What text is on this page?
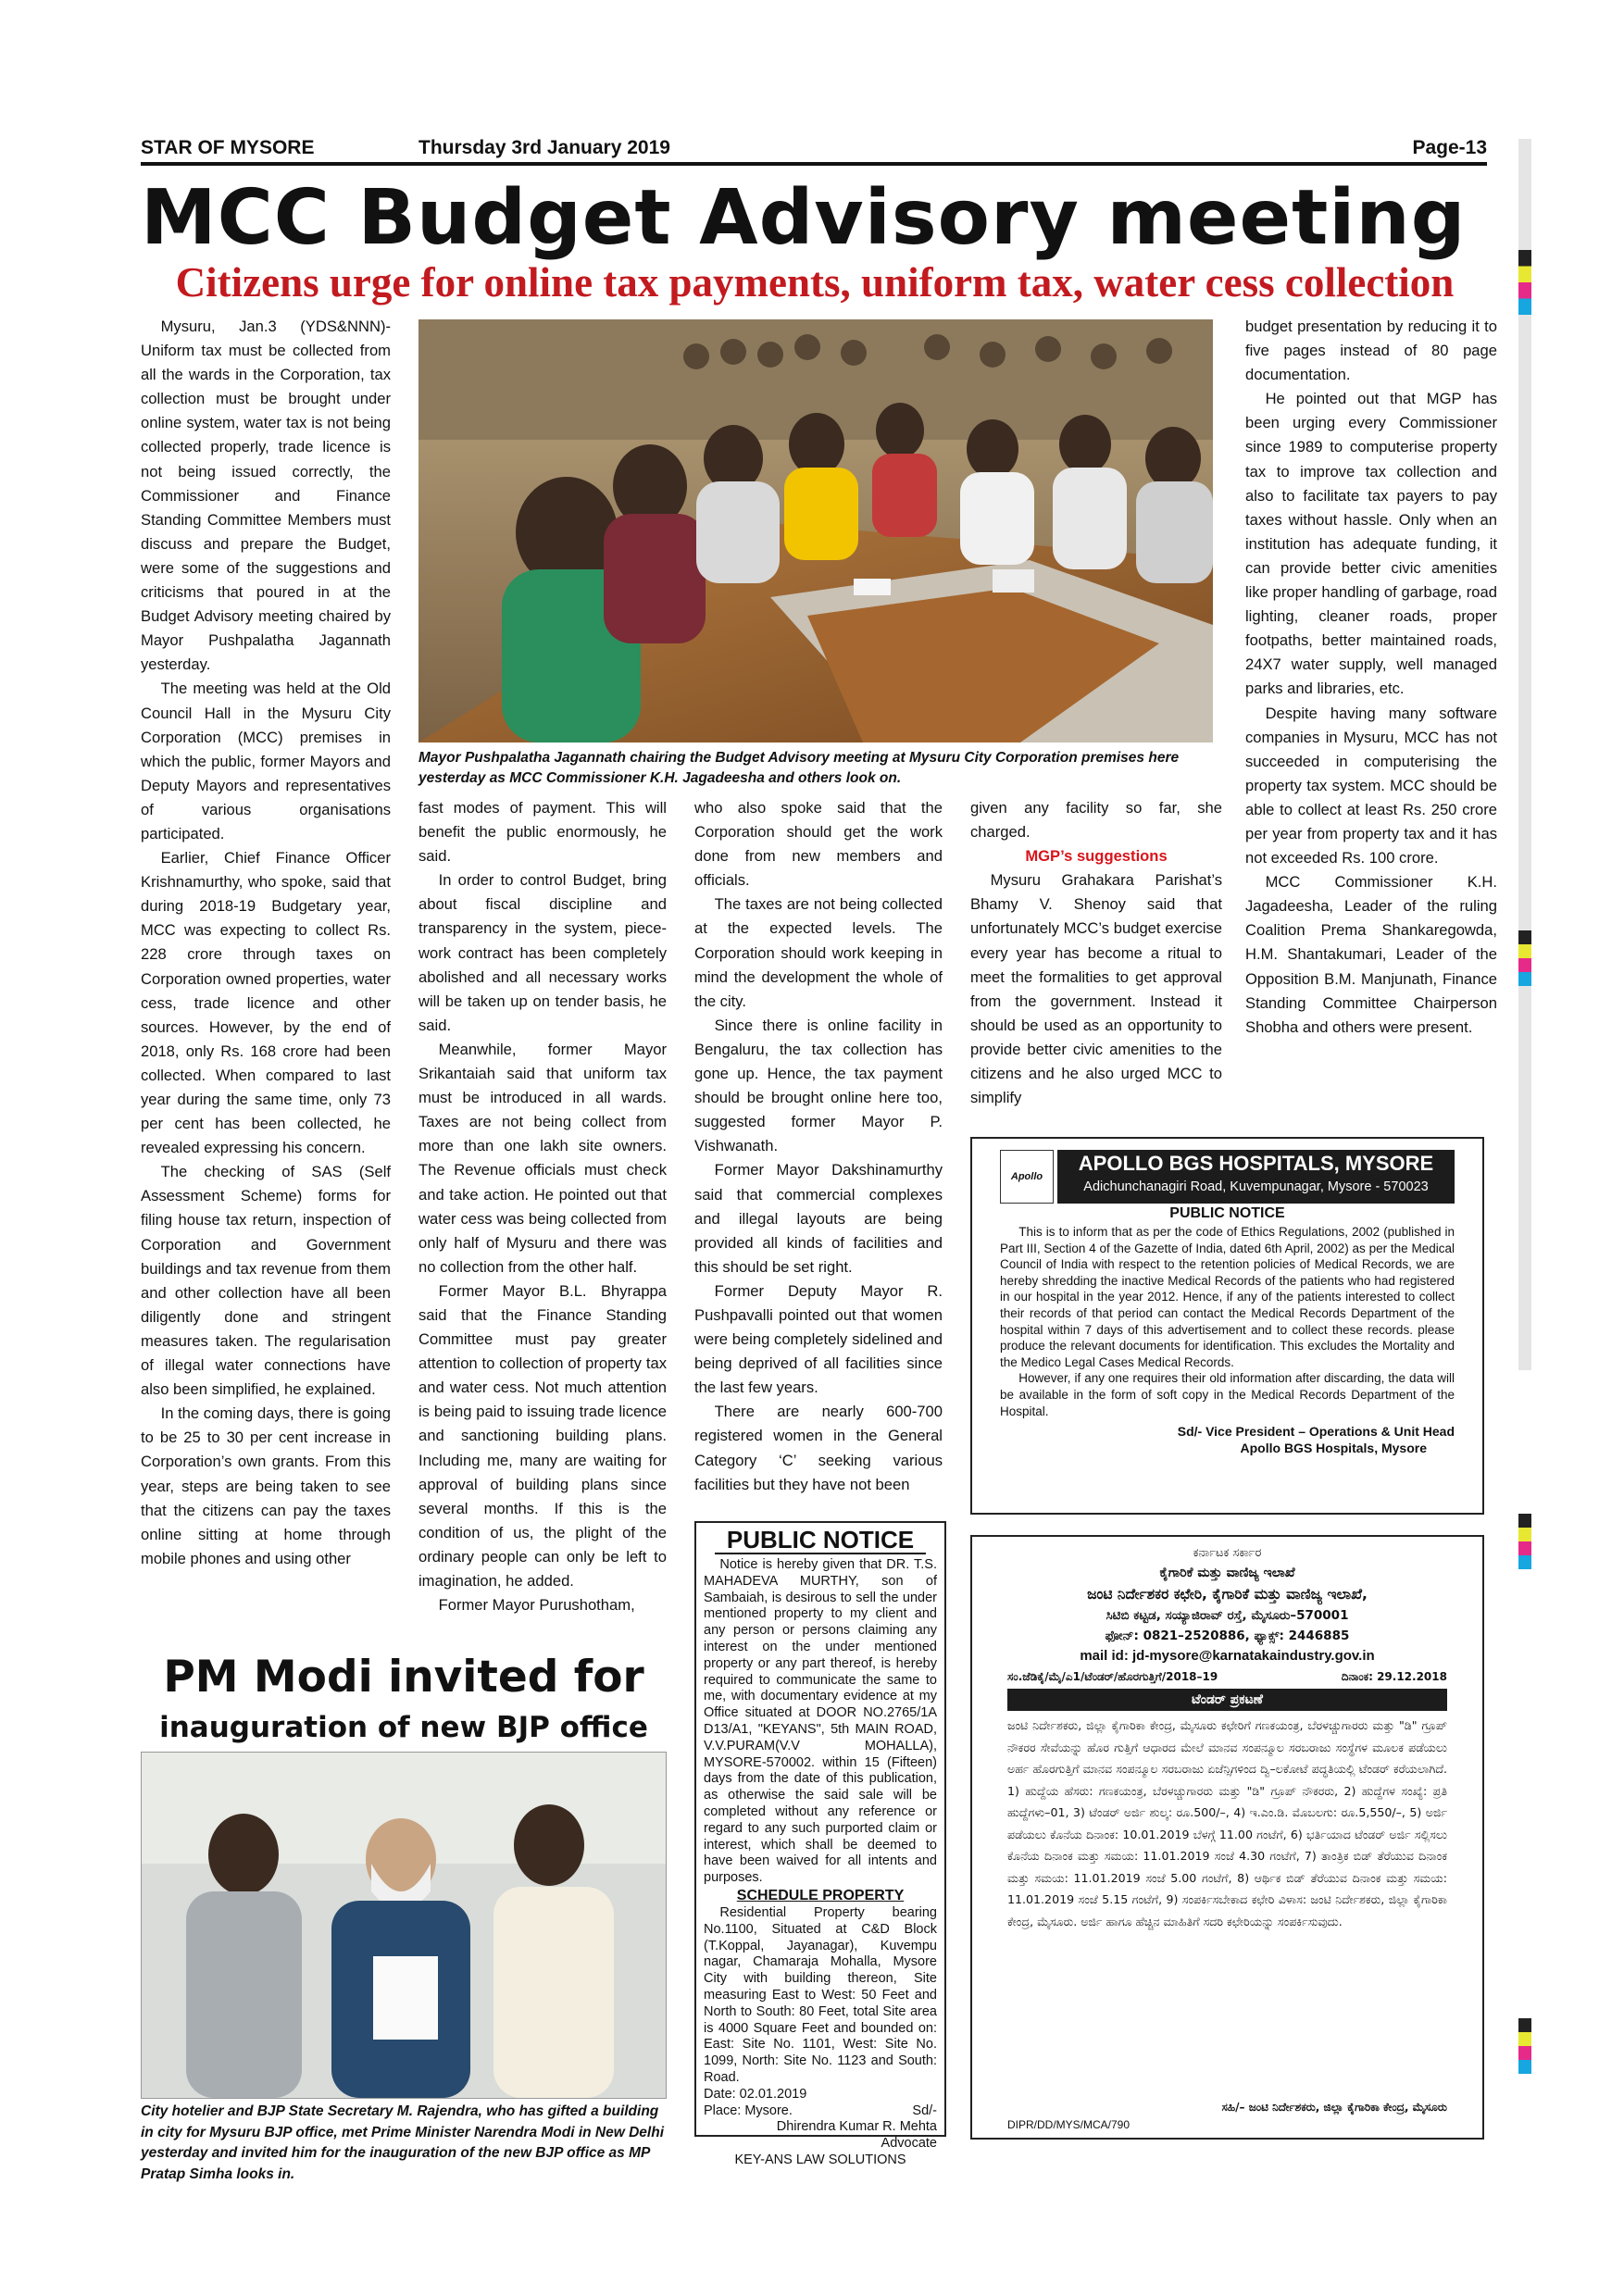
STAR OF MYSORE	Thursday 3rd January 2019	Page-13
MCC Budget Advisory meeting
Citizens urge for online tax payments, uniform tax, water cess collection

Mysuru, Jan.3 (YDS&NNN)- Uniform tax must be collected from all the wards in the Corporation, tax collection must be brought under online system, water tax is not being collected properly, trade licence is not being issued correctly, the Commissioner and Finance Standing Committee Members must discuss and prepare the Budget, were some of the suggestions and criticisms that poured in at the Budget Advisory meeting chaired by Mayor Pushpalatha Jagannath yesterday.

The meeting was held at the Old Council Hall in the Mysuru City Corporation (MCC) premises in which the public, former Mayors and Deputy Mayors and representatives of various organisations participated.

Earlier, Chief Finance Officer Krishnamurthy, who spoke, said that during 2018-19 Budgetary year, MCC was expecting to collect Rs. 228 crore through taxes on Corporation owned properties, water cess, trade licence and other sources. However, by the end of 2018, only Rs. 168 crore had been collected. When compared to last year during the same time, only 73 per cent has been collected, he revealed expressing his concern.

The checking of SAS (Self Assessment Scheme) forms for filing house tax return, inspection of Corporation and Government buildings and tax revenue from them and other collection have all been diligently done and stringent measures taken. The regularisation of illegal water connections have also been simplified, he explained.

In the coming days, there is going to be 25 to 30 per cent increase in Corporation’s own grants. From this year, steps are being taken to see that the citizens can pay the taxes online sitting at home through mobile phones and using other

Mayor Pushpalatha Jagannath chairing the Budget Advisory meeting at Mysuru City Corporation premises here yesterday as MCC Commissioner K.H. Jagadeesha and others look on.

fast modes of payment. This will benefit the public enormously, he said.

In order to control Budget, bring about fiscal discipline and transparency in the system, piece-work contract has been completely abolished and all necessary works will be taken up on tender basis, he said.

Meanwhile, former Mayor Srikantaiah said that uniform tax must be introduced in all wards. Taxes are not being collect from more than one lakh site owners. The Revenue officials must check and take action. He pointed out that water cess was being collected from only half of Mysuru and there was no collection from the other half.

Former Mayor B.L. Bhyrappa said that the Finance Standing Committee must pay greater attention to collection of property tax and water cess. Not much attention is being paid to issuing trade licence and sanctioning building plans. Including me, many are waiting for approval of building plans since several months. If this is the condition of us, the plight of the ordinary people can only be left to imagination, he added.

Former Mayor Purushotham,

who also spoke said that the Corporation should get the work done from new members and officials.

The taxes are not being collected at the expected levels. The Corporation should work keeping in mind the development the whole of the city.

Since there is online facility in Bengaluru, the tax collection has gone up. Hence, the tax payment should be brought online here too, suggested former Mayor P. Vishwanath.

Former Mayor Dakshinamurthy said that commercial complexes and illegal layouts are being provided all kinds of facilities and this should be set right.

Former Deputy Mayor R. Pushpavalli pointed out that women were being completely sidelined and being deprived of all facilities since the last few years.

There are nearly 600-700 registered women in the General Category ‘C’ seeking various facilities but they have not been

given any facility so far, she charged.

MGP’s suggestions

Mysuru Grahakara Parishat’s Bhamy V. Shenoy said that unfortunately MCC’s budget exercise every year has become a ritual to meet the formalities to get approval from the government. Instead it should be used as an opportunity to provide better civic amenities to the citizens and he also urged MCC to simplify

budget presentation by reducing it to five pages instead of 80 page documentation.

He pointed out that MGP has been urging every Commissioner since 1989 to computerise property tax to improve tax collection and also to facilitate tax payers to pay taxes without hassle. Only when an institution has adequate funding, it can provide better civic amenities like proper handling of garbage, road lighting, cleaner roads, proper footpaths, better maintained roads, 24X7 water supply, well managed parks and libraries, etc.

Despite having many software companies in Mysuru, MCC has not succeeded in computerising the property tax system. MCC should be able to collect at least Rs. 250 crore per year from property tax and it has not exceeded Rs. 100 crore.

MCC Commissioner K.H. Jagadeesha, Leader of the ruling Coalition Prema Shankaregowda, H.M. Shantakumari, Leader of the Opposition B.M. Manjunath, Finance Standing Committee Chairperson Shobha and others were present.

PM Modi invited for
inauguration of new BJP office
City hotelier and BJP State Secretary M. Rajendra, who has gifted a building in city for Mysuru BJP office, met Prime Minister Narendra Modi in New Delhi yesterday and invited him for the inauguration of the new BJP office as MP Pratap Simha looks in.
PUBLIC NOTICE
Notice is hereby given that DR. T.S. MAHADEVA MURTHY, son of Sambaiah, is desirous to sell the under mentioned property to my client and any person or persons claiming any interest on the under mentioned property or any part thereof, is hereby required to communicate the same to me, with documentary evidence at my Office situated at DOOR NO.2765/1A D13/A1, "KEYANS", 5th MAIN ROAD, V.V.PURAM(V.V MOHALLA), MYSORE-570002. within 15 (Fifteen) days from the date of this publication, as otherwise the said sale will be completed without any reference or regard to any such purported claim or interest, which shall be deemed to have been waived for all intents and purposes.
SCHEDULE PROPERTY
Residential Property bearing No.1100, Situated at C&D Block (T.Koppal, Jayanagar), Kuvempu nagar, Chamaraja Mohalla, Mysore City with building thereon, Site measuring East to West: 50 Feet and North to South: 80 Feet, total Site area is 4000 Square Feet and bounded on: East: Site No. 1101, West: Site No. 1099, North: Site No. 1123 and South: Road.
Date: 02.01.2019
Place: Mysore.	Sd/-
Dhirendra Kumar R. Mehta
Advocate
KEY-ANS LAW SOLUTIONS
Apollo
APOLLO BGS HOSPITALS, MYSORE
Adichunchanagiri Road, Kuvempunagar, Mysore - 570023
PUBLIC NOTICE
This is to inform that as per the code of Ethics Regulations, 2002 (published in Part III, Section 4 of the Gazette of India, dated 6th April, 2002) as per the Medical Council of India with respect to the retention policies of Medical Records, we are hereby shredding the inactive Medical Records of the patients who had registered in our hospital in the year 2012. Hence, if any of the patients interested to collect their records of that period can contact the Medical Records Department of the hospital within 7 days of this advertisement and to collect these records. please produce the relevant documents for identification. This excludes the Mortality and the Medico Legal Cases Medical Records.
However, if any one requires their old information after discarding, the data will be available in the form of soft copy in the Medical Records Department of the Hospital.
Sd/- Vice President – Operations & Unit Head
Apollo BGS Hospitals, Mysore
ಕರ್ನಾಟಕ ಸರ್ಕಾರ
ಕೈಗಾರಿಕೆ ಮತ್ತು ವಾಣಿಜ್ಯ ಇಲಾಖೆ
ಜಂಟಿ ನಿರ್ದೇಶಕರ ಕಛೇರಿ, ಕೈಗಾರಿಕೆ ಮತ್ತು ವಾಣಿಜ್ಯ ಇಲಾಖೆ,
ಸಿಟಿಬಿ ಕಟ್ಟಡ, ಸಯ್ಯಾಜಿರಾವ್ ರಸ್ತೆ, ಮೈಸೂರು–570001
ಫೋನ್: 0821–2520886, ಫ್ಯಾಕ್ಸ್: 2446885
mail id: jd-mysore@karnatakaindustry.gov.in
ಸಂ.ಜೆಡಿಕೈ/ಮೈ/ಎ1/ಟೆಂಡರ್/ಹೊರಗುತ್ತಿಗೆ/2018–19	ದಿನಾಂಕ: 29.12.2018
ಟೆಂಡರ್ ಪ್ರಕಟಣೆ
ಜಂಟಿ ನಿರ್ದೇಶಕರು, ಜಿಲ್ಲಾ ಕೈಗಾರಿಕಾ ಕೇಂದ್ರ, ಮೈಸೂರು ಕಛೇರಿಗೆ ಗಣಕಯಂತ್ರ, ಬೆರಳಚ್ಚುಗಾರರು ಮತ್ತು "ಡಿ" ಗ್ರೂಪ್ ನೌಕರರ ಸೇವೆಯನ್ನು ಹೊರ ಗುತ್ತಿಗೆ ಆಧಾರದ ಮೇಲೆ ಮಾನವ ಸಂಪನ್ಮೂಲ ಸರಬರಾಜು ಸಂಸ್ಥೆಗಳ ಮೂಲಕ ಪಡೆಯಲು ಅರ್ಹ ಹೊರಗುತ್ತಿಗೆ ಮಾನವ ಸಂಪನ್ಮೂಲ ಸರಬರಾಜು ಏಜೆನ್ಸಿಗಳಿಂದ ದ್ವಿ–ಲಕೋಟೆ ಪದ್ಧತಿಯಲ್ಲಿ ಟೆಂಡರ್ ಕರೆಯಲಾಗಿದೆ. 1) ಹುದ್ದೆಯ ಹೆಸರು: ಗಣಕಯಂತ್ರ, ಬೆರಳಚ್ಚುಗಾರರು ಮತ್ತು "ಡಿ" ಗ್ರೂಪ್ ನೌಕರರು, 2) ಹುದ್ದೆಗಳ ಸಂಖ್ಯೆ: ಪ್ರತಿ ಹುದ್ದೆಗಳು–01, 3) ಟೆಂಡರ್ ಅರ್ಜಿ ಶುಲ್ಕ: ರೂ.500/–, 4) ಇ.ಎಂ.ಡಿ. ಮೊಬಲಗು: ರೂ.5,550/–, 5) ಅರ್ಜಿ ಪಡೆಯಲು ಕೊನೆಯ ದಿನಾಂಕ: 10.01.2019 ಬೆಳಗ್ಗೆ 11.00 ಗಂಟೆಗೆ, 6) ಭರ್ತಿಯಾದ ಟೆಂಡರ್ ಅರ್ಜಿ ಸಲ್ಲಿಸಲು ಕೊನೆಯ ದಿನಾಂಕ ಮತ್ತು ಸಮಯ: 11.01.2019 ಸಂಜೆ 4.30 ಗಂಟೆಗೆ, 7) ತಾಂತ್ರಿಕ ಬಿಡ್ ತೆರೆಯುವ ದಿನಾಂಕ ಮತ್ತು ಸಮಯ: 11.01.2019 ಸಂಜೆ 5.00 ಗಂಟೆಗೆ, 8) ಆರ್ಥಿಕ ಬಿಡ್ ತೆರೆಯುವ ದಿನಾಂಕ ಮತ್ತು ಸಮಯ: 11.01.2019 ಸಂಜೆ 5.15 ಗಂಟೆಗೆ, 9) ಸಂಪರ್ಕಿಸಬೇಕಾದ ಕಛೇರಿ ವಿಳಾಸ: ಜಂಟಿ ನಿರ್ದೇಶಕರು, ಜಿಲ್ಲಾ ಕೈಗಾರಿಕಾ ಕೇಂದ್ರ, ಮೈಸೂರು. ಅರ್ಜಿ ಹಾಗೂ ಹೆಚ್ಚಿನ ಮಾಹಿತಿಗೆ ಸದರಿ ಕಛೇರಿಯನ್ನು ಸಂಪರ್ಕಿಸುವುದು.
ಸಹಿ/– ಜಂಟಿ ನಿರ್ದೇಶಕರು, ಜಿಲ್ಲಾ ಕೈಗಾರಿಕಾ ಕೇಂದ್ರ, ಮೈಸೂರು
DIPR/DD/MYS/MCA/790
